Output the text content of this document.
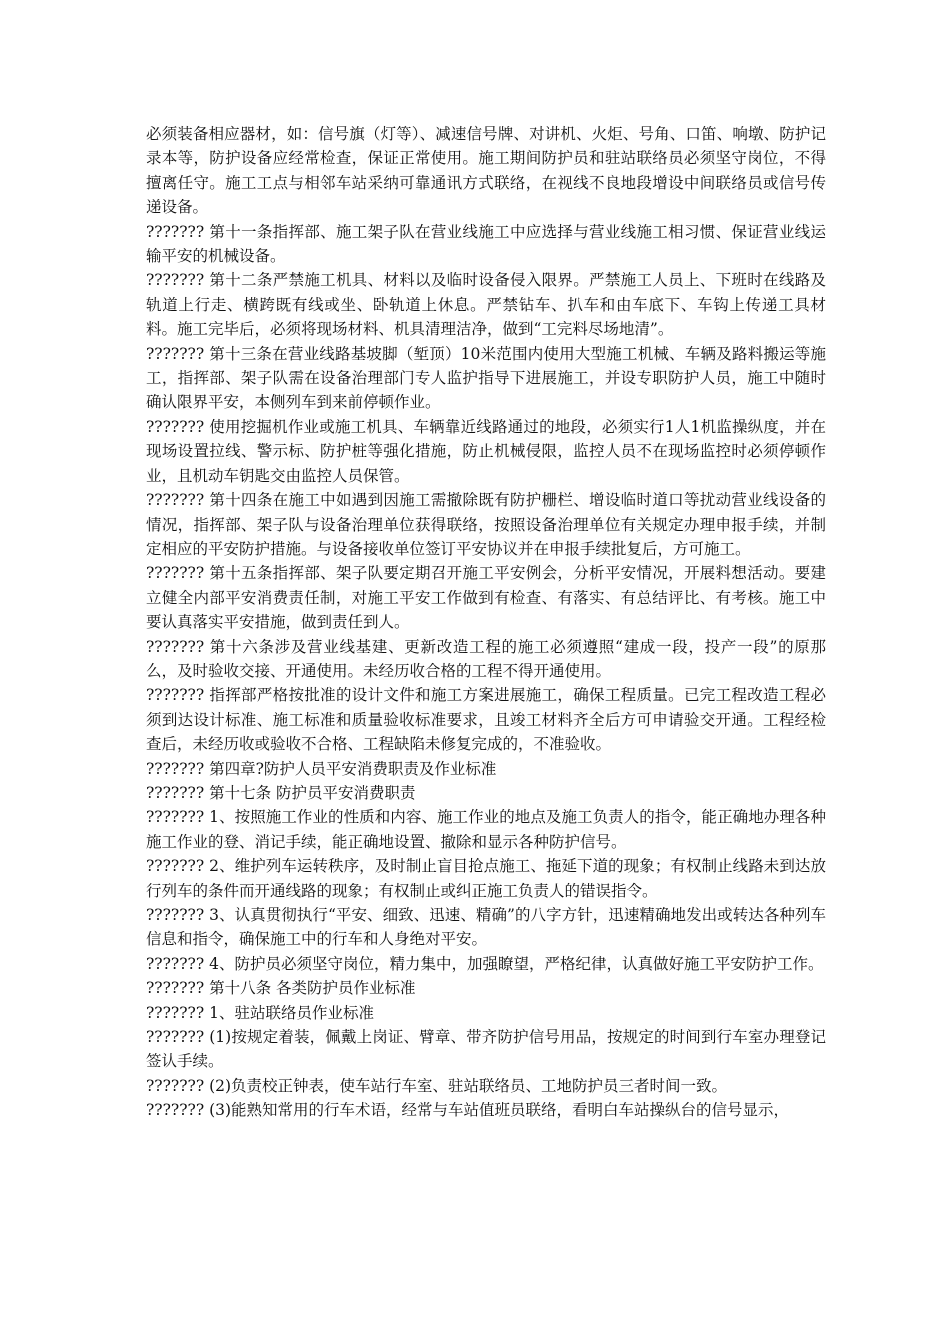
必须装备相应器材，如：信号旗（灯等）、减速信号牌、对讲机、火炬、号角、口笛、响墩、防护记录本等，防护设备应经常检查，保证正常使用。施工期间防护员和驻站联络员必须坚守岗位，不得擅离任守。施工工点与相邻车站采纳可靠通讯方式联络，在视线不良地段增设中间联络员或信号传递设备。

??????? 第十一条指挥部、施工架子队在营业线施工中应选择与营业线施工相习惯、保证营业线运输平安的机械设备。

??????? 第十二条严禁施工机具、材料以及临时设备侵入限界。严禁施工人员上、下班时在线路及轨道上行走、横跨既有线或坐、卧轨道上休息。严禁钻车、扒车和由车底下、车钩上传递工具材料。施工完毕后，必须将现场材料、机具清理洁净，做到“工完料尽场地清”。

??????? 第十三条在营业线路基坡脚（堑顶）10米范围内使用大型施工机械、车辆及路料搬运等施工，指挥部、架子队需在设备治理部门专人监护指导下进展施工，并设专职防护人员，施工中随时确认限界平安，本侧列车到来前停顿作业。

??????? 使用挖掘机作业或施工机具、车辆靠近线路通过的地段，必须实行1人1机监操纵度，并在现场设置拉线、警示标、防护桩等强化措施，防止机械侵限，监控人员不在现场监控时必须停顿作业，且机动车钥匙交由监控人员保管。

??????? 第十四条在施工中如遇到因施工需撤除既有防护栅栏、增设临时道口等扰动营业线设备的情况，指挥部、架子队与设备治理单位获得联络，按照设备治理单位有关规定办理申报手续，并制定相应的平安防护措施。与设备接收单位签订平安协议并在申报手续批复后，方可施工。

??????? 第十五条指挥部、架子队要定期召开施工平安例会，分析平安情况，开展料想活动。要建立健全内部平安消费责任制，对施工平安工作做到有检查、有落实、有总结评比、有考核。施工中要认真落实平安措施，做到责任到人。

??????? 第十六条涉及营业线基建、更新改造工程的施工必须遵照“建成一段，投产一段”的原那么，及时验收交接、开通使用。未经历收合格的工程不得开通使用。

??????? 指挥部严格按批准的设计文件和施工方案进展施工，确保工程质量。已完工程改造工程必须到达设计标准、施工标准和质量验收标准要求，且竣工材料齐全后方可申请验交开通。工程经检查后，未经历收或验收不合格、工程缺陷未修复完成的，不准验收。

??????? 第四章?防护人员平安消费职责及作业标准

??????? 第十七条 防护员平安消费职责

??????? 1、按照施工作业的性质和内容、施工作业的地点及施工负责人的指令，能正确地办理各种施工作业的登、消记手续，能正确地设置、撤除和显示各种防护信号。

??????? 2、维护列车运转秩序，及时制止盲目抢点施工、拖延下道的现象；有权制止线路未到达放行列车的条件而开通线路的现象；有权制止或纠正施工负责人的错误指令。

??????? 3、认真贯彻执行“平安、细致、迅速、精确”的八字方针，迅速精确地发出或转达各种列车信息和指令，确保施工中的行车和人身绝对平安。

??????? 4、防护员必须坚守岗位，精力集中，加强瞭望，严格纪律，认真做好施工平安防护工作。

??????? 第十八条 各类防护员作业标准

??????? 1、驻站联络员作业标准

??????? (1)按规定着装，佩戴上岗证、臂章、带齐防护信号用品，按规定的时间到行车室办理登记签认手续。

??????? (2)负责校正钟表，使车站行车室、驻站联络员、工地防护员三者时间一致。

??????? (3)能熟知常用的行车术语，经常与车站值班员联络，看明白车站操纵台的信号显示，
